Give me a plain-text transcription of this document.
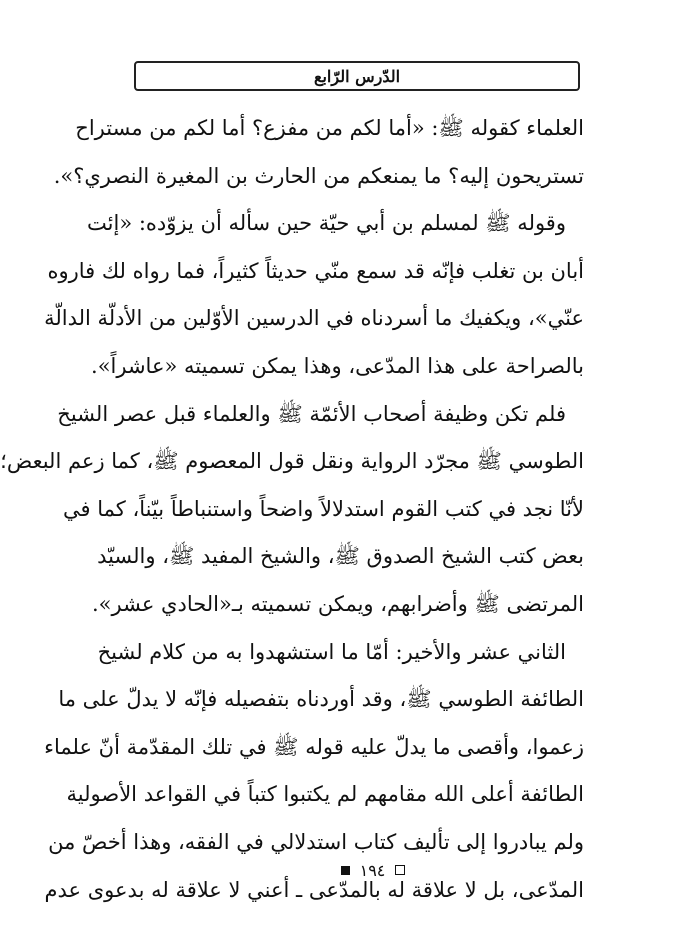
الدّرس الرّابع
العلماء كقوله ﷺ: «أما لكم من مفزع؟ أما لكم من مستراح
تستريحون إليه؟ ما يمنعكم من الحارث بن المغيرة النصري؟».
وقوله ﷺ لمسلم بن أبي حيّة حين سأله أن يزوّده: «إئت
أبان بن تغلب فإنّه قد سمع منّي حديثاً كثيراً، فما رواه لك فاروه
عنّي»، ويكفيك ما أسردناه في الدرسين الأوّلين من الأدلّة الدالّة
بالصراحة على هذا المدّعى، وهذا يمكن تسميته «عاشراً».
فلم تكن وظيفة أصحاب الأئمّة ﷺ والعلماء قبل عصر الشيخ
الطوسي ﷺ مجرّد الرواية ونقل قول المعصوم ﷺ، كما زعم البعض؛
لأنّا نجد في كتب القوم استدلالاً واضحاً واستنباطاً بيّناً، كما في
بعض كتب الشيخ الصدوق ﷺ، والشيخ المفيد ﷺ، والسيّد
المرتضى ﷺ وأضرابهم، ويمكن تسميته بـ«الحادي عشر».
الثاني عشر والأخير: أمّا ما استشهدوا به من كلام لشيخ
الطائفة الطوسي ﷺ، وقد أوردناه بتفصيله فإنّه لا يدلّ على ما
زعموا، وأقصى ما يدلّ عليه قوله ﷺ في تلك المقدّمة أنّ علماء
الطائفة أعلى الله مقامهم لم يكتبوا كتباً في القواعد الأصولية
ولم يبادروا إلى تأليف كتاب استدلالي في الفقه، وهذا أخصّ من
المدّعى، بل لا علاقة له بالمدّعى ـ أعني لا علاقة له بدعوى عدم
١٩٤
